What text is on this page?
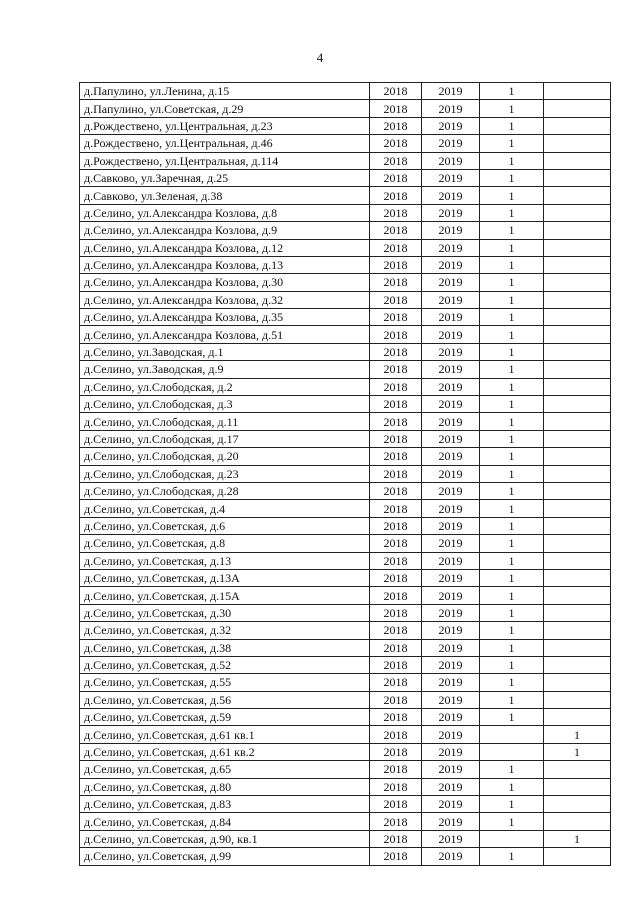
4
д.Папулино, ул.Ленина, д.15	2018	2019	1	
д.Папулино, ул.Советская, д.29	2018	2019	1	
д.Рождествено, ул.Центральная, д.23	2018	2019	1	
д.Рождествено, ул.Центральная, д.46	2018	2019	1	
д.Рождествено, ул.Центральная, д.114	2018	2019	1	
д.Савково, ул.Заречная, д.25	2018	2019	1	
д.Савково, ул.Зеленая, д.38	2018	2019	1	
д.Селино, ул.Александра Козлова, д.8	2018	2019	1	
д.Селино, ул.Александра Козлова, д.9	2018	2019	1	
д.Селино, ул.Александра Козлова, д.12	2018	2019	1	
д.Селино, ул.Александра Козлова, д.13	2018	2019	1	
д.Селино, ул.Александра Козлова, д.30	2018	2019	1	
д.Селино, ул.Александра Козлова, д.32	2018	2019	1	
д.Селино, ул.Александра Козлова, д.35	2018	2019	1	
д.Селино, ул.Александра Козлова, д.51	2018	2019	1	
д.Селино, ул.Заводская, д.1	2018	2019	1	
д.Селино, ул.Заводская, д.9	2018	2019	1	
д.Селино, ул.Слободская, д.2	2018	2019	1	
д.Селино, ул.Слободская, д.3	2018	2019	1	
д.Селино, ул.Слободская, д.11	2018	2019	1	
д.Селино, ул.Слободская, д.17	2018	2019	1	
д.Селино, ул.Слободская, д.20	2018	2019	1	
д.Селино, ул.Слободская, д.23	2018	2019	1	
д.Селино, ул.Слободская, д.28	2018	2019	1	
д.Селино, ул.Советская, д.4	2018	2019	1	
д.Селино, ул.Советская, д.6	2018	2019	1	
д.Селино, ул.Советская, д.8	2018	2019	1	
д.Селино, ул.Советская, д.13	2018	2019	1	
д.Селино, ул.Советская, д.13А	2018	2019	1	
д.Селино, ул.Советская, д.15А	2018	2019	1	
д.Селино, ул.Советская, д.30	2018	2019	1	
д.Селино, ул.Советская, д.32	2018	2019	1	
д.Селино, ул.Советская, д.38	2018	2019	1	
д.Селино, ул.Советская, д.52	2018	2019	1	
д.Селино, ул.Советская, д.55	2018	2019	1	
д.Селино, ул.Советская, д.56	2018	2019	1	
д.Селино, ул.Советская, д.59	2018	2019	1	
д.Селино, ул.Советская, д.61 кв.1	2018	2019		1
д.Селино, ул.Советская, д.61 кв.2	2018	2019		1
д.Селино, ул.Советская, д.65	2018	2019	1	
д.Селино, ул.Советская, д.80	2018	2019	1	
д.Селино, ул.Советская, д.83	2018	2019	1	
д.Селино, ул.Советская, д.84	2018	2019	1	
д.Селино, ул.Советская, д.90, кв.1	2018	2019		1
д.Селино, ул.Советская, д.99	2018	2019	1	
